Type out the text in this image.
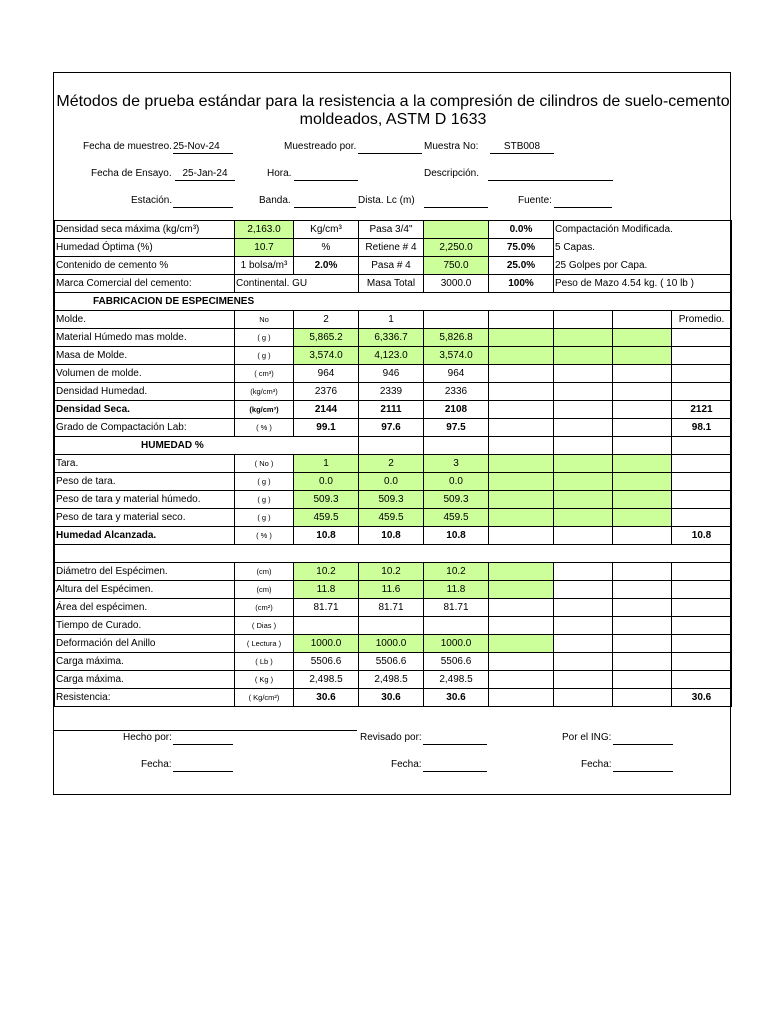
Métodos de prueba estándar para la resistencia a la compresión de cilindros de suelo-cemento
moldeados, ASTM D 1633
Fecha de muestreo. 25-Nov-24	Muestreado por.	Muestra No:	STB008
Fecha de Ensayo.	25-Jan-24	Hora.	Descripción.
Estación.	Banda.	Dista. Lc (m)	Fuente:
Densidad seca máxima (kg/cm³)	2,163.0	Kg/cm³	Pasa 3/4"		0.0%	Compactación Modificada.		
Humedad Óptima (%)	10.7	%	Retiene # 4	2,250.0	75.0%	5 Capas.		
Contenido de cemento %	1 bolsa/m³	2.0%	Pasa # 4	750.0	25.0%	25 Golpes por Capa.		
Marca Comercial del cemento:	Continental. GU		Masa Total	3000.0	100%	Peso de Mazo 4.54 kg. ( 10 lb )		
FABRICACION DE ESPECIMENES								
Molde.	No	2	1					Promedio.
Material Húmedo mas molde.	( g )	5,865.2	6,336.7	5,826.8				
Masa de Molde.	( g )	3,574.0	4,123.0	3,574.0				
Volumen de molde.	( cm³)	964	946	964				
Densidad Humedad.	(kg/cm³)	2376	2339	2336				
Densidad Seca.	(kg/cm³)	2144	2111	2108				2121
Grado de Compactación Lab:	( % )	99.1	97.6	97.5				98.1
HUMEDAD %								
Tara.	( No )	1	2	3				
Peso de tara.	( g )	0.0	0.0	0.0				
Peso de tara y material húmedo.	( g )	509.3	509.3	509.3				
Peso de tara y material seco.	( g )	459.5	459.5	459.5				
Humedad Alcanzada.	( % )	10.8	10.8	10.8				10.8

Diámetro del Espécimen.	(cm)	10.2	10.2	10.2				
Altura del Espécimen.	(cm)	11.8	11.6	11.8				
Área del espécimen.	(cm²)	81.71	81.71	81.71				
Tiempo de Curado.	( Dias )							
Deformación del Anillo	( Lectura )	1000.0	1000.0	1000.0				
Carga máxima.	( Lb )	5506.6	5506.6	5506.6				
Carga máxima.	( Kg )	2,498.5	2,498.5	2,498.5				
Resistencia:	( Kg/cm²)	30.6	30.6	30.6				30.6
Hecho por:	Revisado por:	Por el ING:
Fecha:	Fecha:	Fecha:
